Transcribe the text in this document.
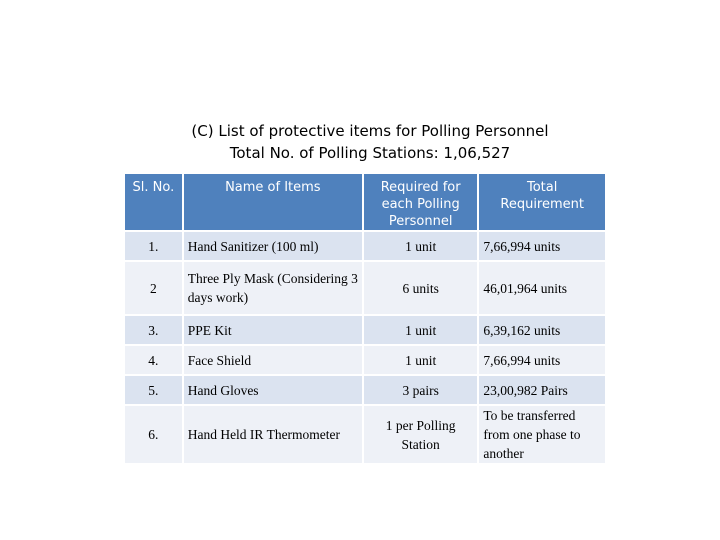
(C) List of protective items for Polling Personnel
Total No. of Polling Stations: 1,06,527
Sl. No.	Name of Items	Required for each Polling Personnel	Total Requirement
1.	Hand Sanitizer (100 ml)	1 unit	7,66,994 units
2	Three Ply Mask (Considering 3 days work)	6 units	46,01,964 units
3.	PPE Kit	1 unit	6,39,162 units
4.	Face Shield	1 unit	7,66,994 units
5.	Hand Gloves	3 pairs	23,00,982 Pairs
6.	Hand Held IR Thermometer	1 per Polling Station	To be transferred from one phase to another
